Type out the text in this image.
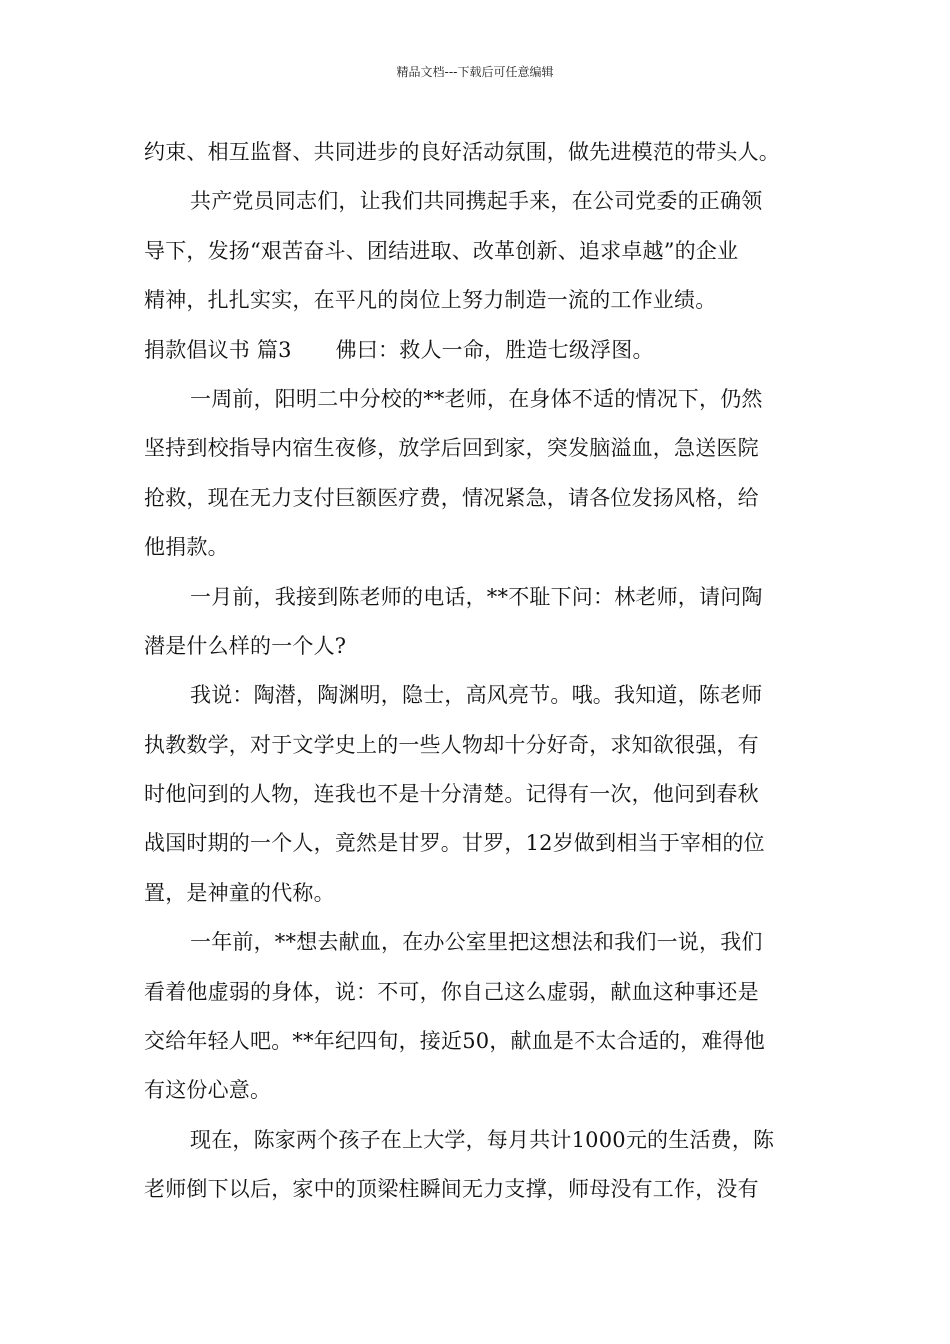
精品文档---下载后可任意编辑
约束、相互监督、共同进步的良好活动氛围，做先进模范的带头人。
共产党员同志们，让我们共同携起手来，在公司党委的正确领
导下，发扬“艰苦奋斗、团结进取、改革创新、追求卓越”的企业
精神，扎扎实实，在平凡的岗位上努力制造一流的工作业绩。
捐款倡议书 篇3 佛曰：救人一命，胜造七级浮图。
一周前，阳明二中分校的**老师，在身体不适的情况下，仍然
坚持到校指导内宿生夜修，放学后回到家，突发脑溢血，急送医院
抢救，现在无力支付巨额医疗费，情况紧急，请各位发扬风格，给
他捐款。
一月前，我接到陈老师的电话，**不耻下问：林老师，请问陶
潜是什么样的一个人?
我说：陶潜，陶渊明，隐士，高风亮节。哦。我知道，陈老师
执教数学，对于文学史上的一些人物却十分好奇，求知欲很强，有
时他问到的人物，连我也不是十分清楚。记得有一次，他问到春秋
战国时期的一个人，竟然是甘罗。甘罗，12岁做到相当于宰相的位
置，是神童的代称。
一年前，**想去献血，在办公室里把这想法和我们一说，我们
看着他虚弱的身体，说：不可，你自己这么虚弱，献血这种事还是
交给年轻人吧。**年纪四旬，接近50，献血是不太合适的，难得他
有这份心意。
现在，陈家两个孩子在上大学，每月共计1000元的生活费，陈
老师倒下以后，家中的顶梁柱瞬间无力支撑，师母没有工作，没有
